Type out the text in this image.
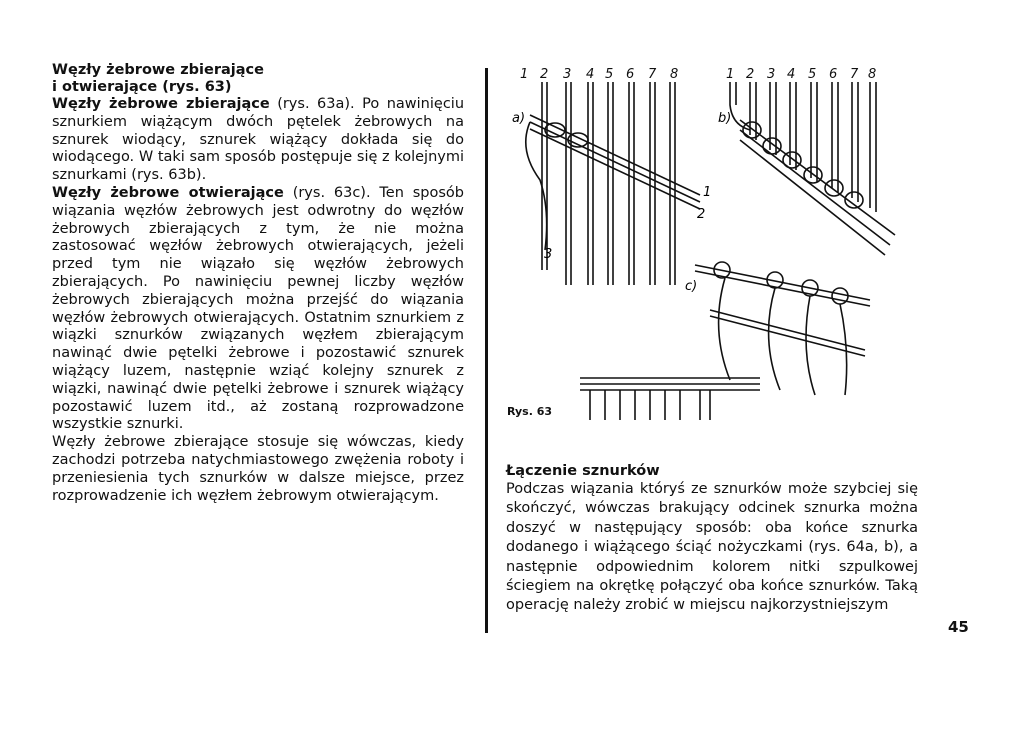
Węzły żebrowe zbierające
i otwierające (rys. 63)

Węzły żebrowe zbierające (rys. 63a). Po nawinięciu sznurkiem wiążącym dwóch pętelek żebrowych na sznurek wiodący, sznurek wiążący dokłada się do wiodącego. W taki sam sposób postępuje się z kolejnymi sznurkami (rys. 63b).

Węzły żebrowe otwierające (rys. 63c). Ten sposób wiązania węzłów żebrowych jest odwrotny do węzłów żebrowych zbierających z tym, że nie można zastosować węzłów żebrowych otwierających, jeżeli przed tym nie wiązało się węzłów żebrowych zbierających. Po nawinięciu pewnej liczby węzłów żebrowych zbierających można przejść do wiązania węzłów żebrowych otwierających. Ostatnim sznurkiem z wiązki sznurków związanych węzłem zbierającym nawinąć dwie pętelki żebrowe i pozostawić sznurek wiążący luzem, następnie wziąć kolejny sznurek z wiązki, nawinąć dwie pętelki żebrowe i sznurek wiążący pozostawić luzem itd., aż zostaną rozprowadzone wszystkie sznurki.

Węzły żebrowe zbierające stosuje się wówczas, kiedy zachodzi potrzeba natychmiastowego zwężenia roboty i przeniesienia tych sznurków w dalsze miejsce, przez rozprowadzenie ich węzłem żebrowym otwierającym.

1 2 3 4 5 6 7 8	1 2 3 4 5 6 7 8
a)
1
2
3
b)
c)
Rys. 63
Łączenie sznurków

Podczas wiązania któryś ze sznurków może szybciej się skończyć, wówczas brakujący odcinek sznurka można doszyć w następujący sposób: oba końce sznurka dodanego i wiążącego ściąć nożyczkami (rys. 64a, b), a następnie odpowiednim kolorem nitki szpulkowej ściegiem na okrętkę połączyć oba końce sznurków. Taką operację należy zrobić w miejscu najkorzystniejszym

45
